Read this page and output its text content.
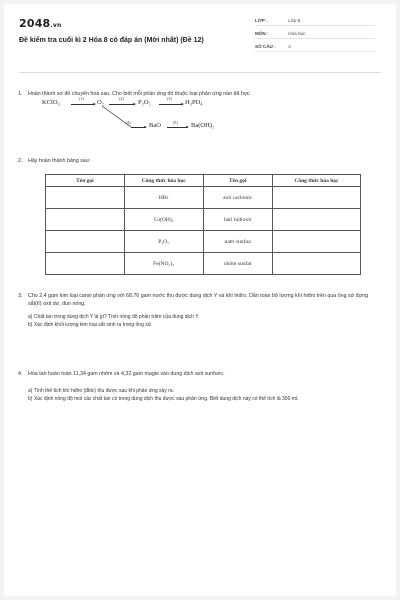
2048.vn
Đề kiểm tra cuối kì 2 Hóa 8 có đáp án (Mới nhất) (Đề 12)
LỚP :	Lớp 8
MÔN :	Hóa học
SỐ CÂU :	4
1. Hoàn thành sơ đồ chuyển hoá sau. Cho biết mỗi phản ứng đó thuộc loại phản ứng nào đã học.
KClO₃
(1)
O₂
(2)
P₂O₅
(3)
H₃PO₄
(4)	BaO	(5) Ba(OH)₂
2. Hãy hoàn thành bảng sau:
Tên gọi	Công thức hóa học	Tên gọi	Công thức hóa học
	HBr	axit cacbonic	
	Cu(OH)₂	bari hiđroxit	
	P₂O₅	natri sunfua	
	Fe(NO₃)₃	nhôm sunfat	
3. Cho 2,4 gam kim loại canxi phản ứng với 68,76 gam nước thu được dung dịch Y và khí hiđro. Dẫn toàn bộ lượng khí hiđro trên qua ống sứ đựng sắt(II) oxit dư, đun nóng.
a) Chất tan trong dung dịch Y là gì? Tính nồng độ phần trăm của dung dịch Y
b) Xác định khối lượng kim loại sắt sinh ra trong ống sứ.
4. Hòa tan hoàn toàn 11,34 gam nhôm và 4,32 gam magie vào dung dịch axit sunfuric.
a) Tính thể tích khí hiđro (đktc) thu được sau khi phản ứng xảy ra.
b) Xác định nồng độ mol các chất tan có trong dung dịch thu được sau phản ứng. Biết dung dịch này có thể tích là 300 ml.
